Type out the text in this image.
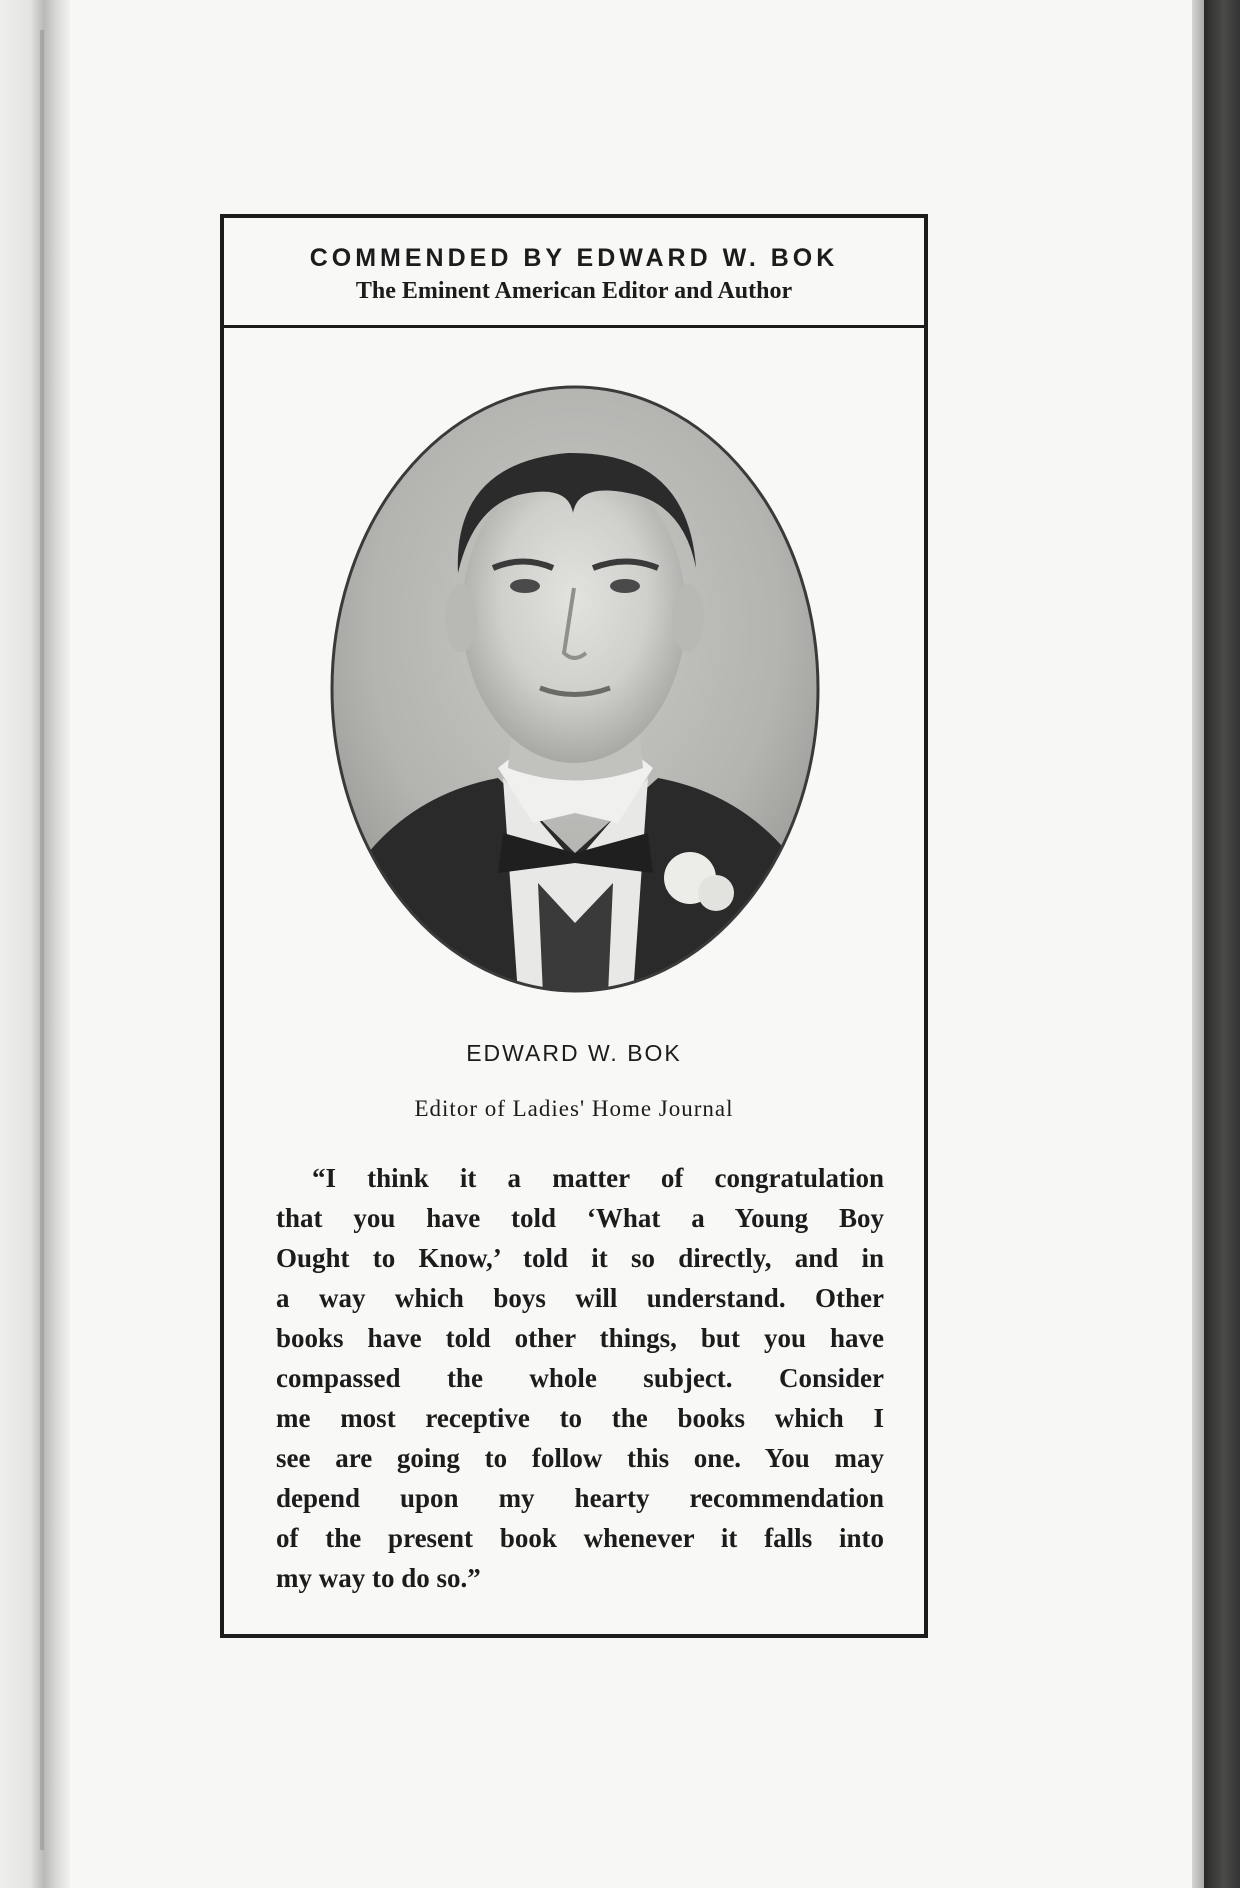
COMMENDED BY EDWARD W. BOK
The Eminent American Editor and Author
EDWARD W. BOK
Editor of Ladies' Home Journal
“I think it a matter of congratulation
that you have told ‘What a Young Boy
Ought to Know,’ told it so directly, and in
a way which boys will understand. Other
books have told other things, but you have
compassed the whole subject. Consider
me most receptive to the books which I
see are going to follow this one. You may
depend upon my hearty recommendation
of the present book whenever it falls into
my way to do so.”
